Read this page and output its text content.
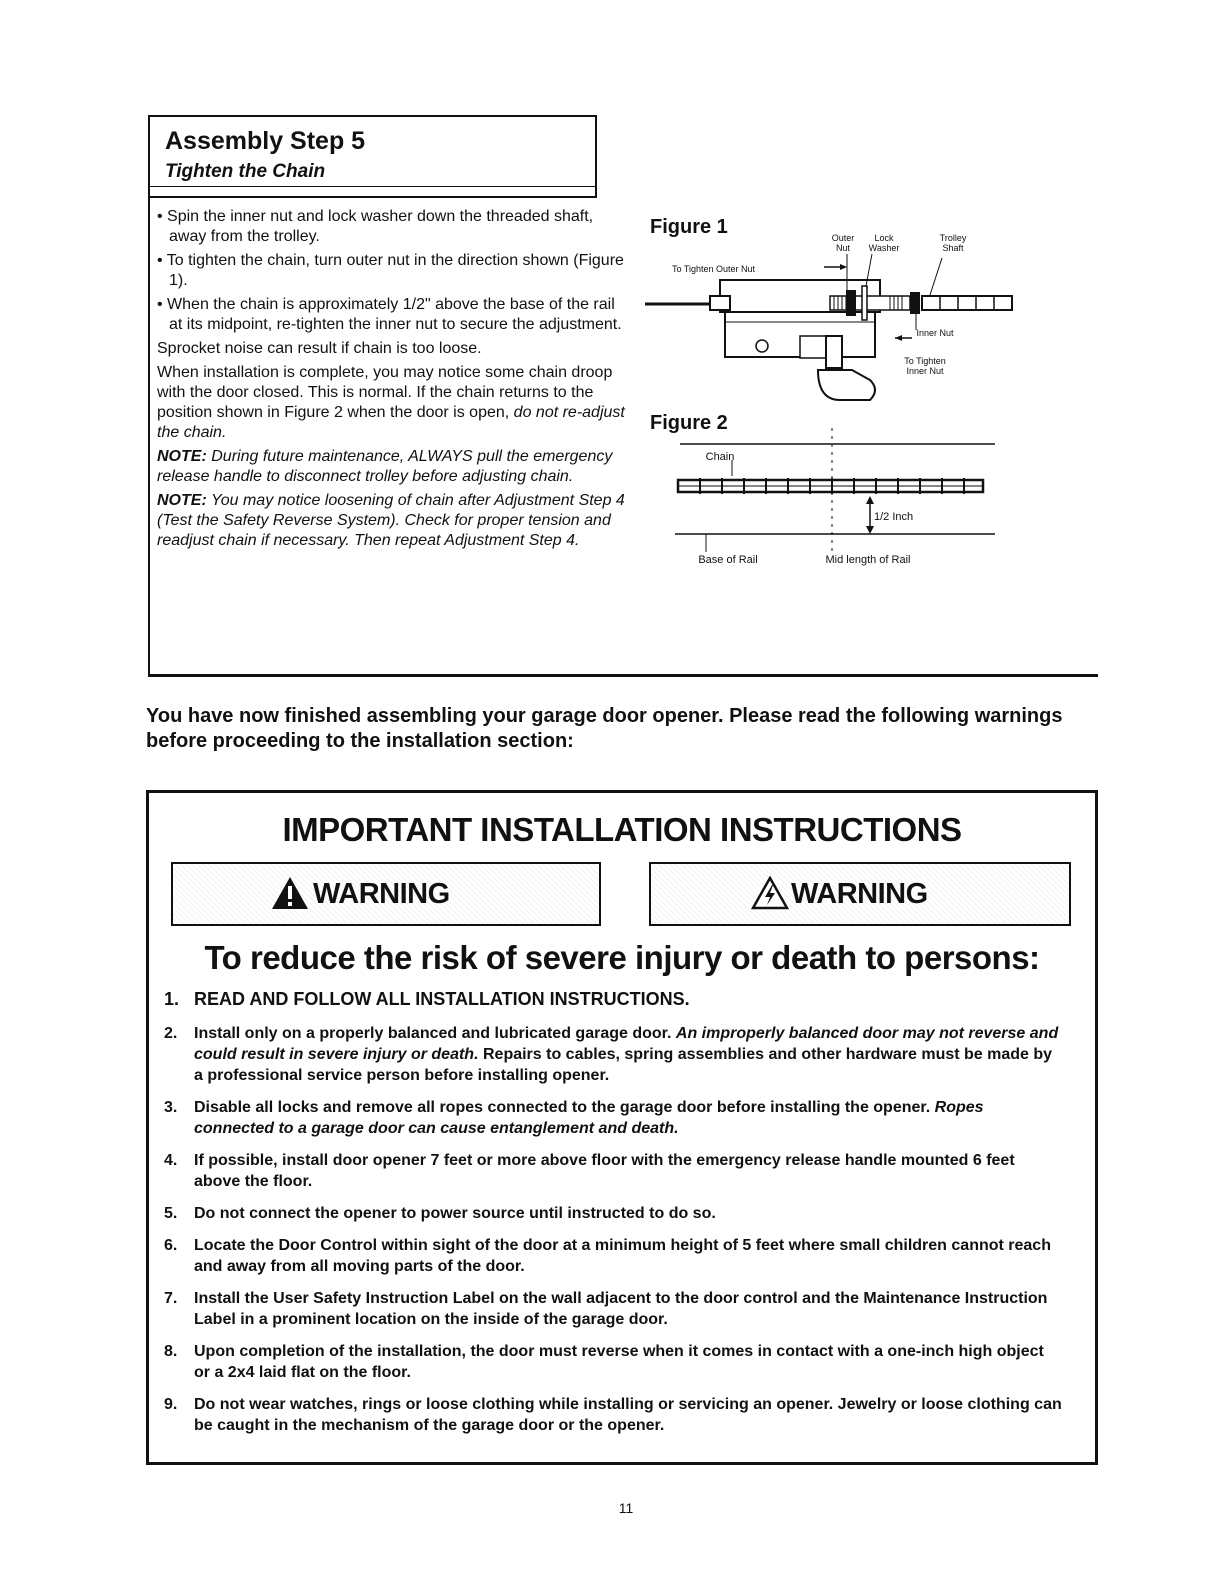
Assembly Step 5
Tighten the Chain
• Spin the inner nut and lock washer down the threaded shaft, away from the trolley.
• To tighten the chain, turn outer nut in the direction shown (Figure 1).
• When the chain is approximately 1/2" above the base of the rail at its midpoint, re-tighten the inner nut to secure the adjustment.
Sprocket noise can result if chain is too loose.
When installation is complete, you may notice some chain droop with the door closed. This is normal. If the chain returns to the position shown in Figure 2 when the door is open, do not re-adjust the chain.
NOTE: During future maintenance, ALWAYS pull the emergency release handle to disconnect trolley before adjusting chain.
NOTE: You may notice loosening of chain after Adjustment Step 4 (Test the Safety Reverse System). Check for proper tension and readjust chain if necessary. Then repeat Adjustment Step 4.
Figure 1
To Tighten Outer Nut
Outer Nut
Lock Washer
Trolley Shaft
Inner Nut
To Tighten Inner Nut
Figure 2
Chain
1/2 Inch
Base of Rail	Mid length of Rail
You have now finished assembling your garage door opener. Please read the following warnings before proceeding to the installation section:
IMPORTANT INSTALLATION INSTRUCTIONS
WARNING	WARNING
To reduce the risk of severe injury or death to persons:
1. READ AND FOLLOW ALL INSTALLATION INSTRUCTIONS.
2. Install only on a properly balanced and lubricated garage door. An improperly balanced door may not reverse and could result in severe injury or death. Repairs to cables, spring assemblies and other hardware must be made by a professional service person before installing opener.
3. Disable all locks and remove all ropes connected to the garage door before installing the opener. Ropes connected to a garage door can cause entanglement and death.
4. If possible, install door opener 7 feet or more above floor with the emergency release handle mounted 6 feet above the floor.
5. Do not connect the opener to power source until instructed to do so.
6. Locate the Door Control within sight of the door at a minimum height of 5 feet where small children cannot reach and away from all moving parts of the door.
7. Install the User Safety Instruction Label on the wall adjacent to the door control and the Maintenance Instruction Label in a prominent location on the inside of the garage door.
8. Upon completion of the installation, the door must reverse when it comes in contact with a one-inch high object or a 2x4 laid flat on the floor.
9. Do not wear watches, rings or loose clothing while installing or servicing an opener. Jewelry or loose clothing can be caught in the mechanism of the garage door or the opener.
11
